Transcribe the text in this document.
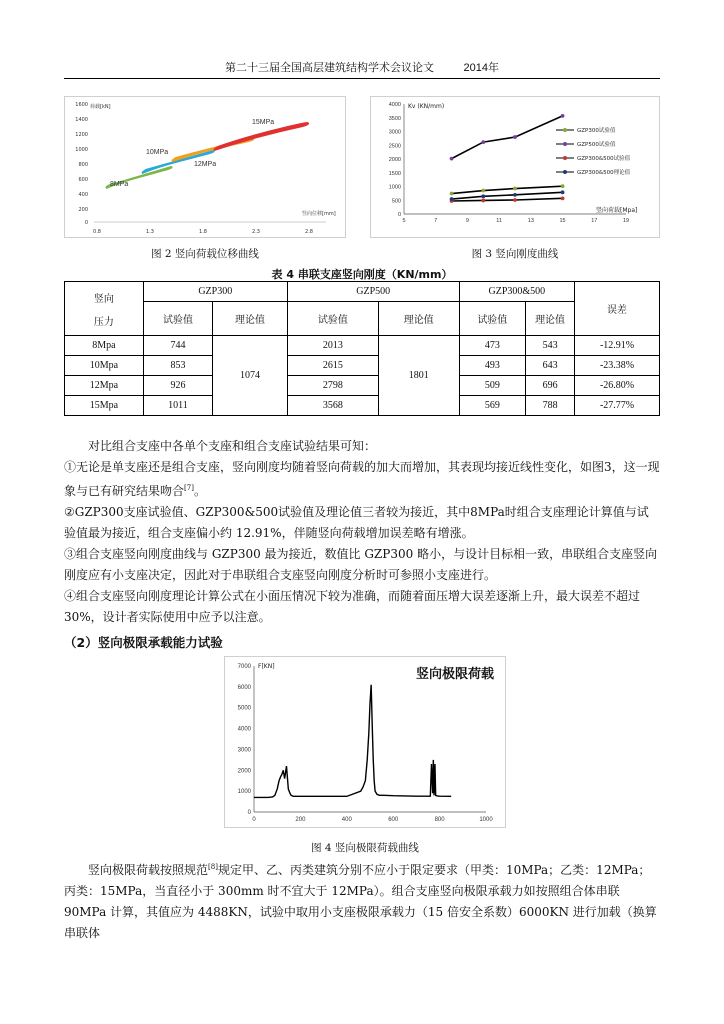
第二十三届全国高层建筑结构学术会议论文	2014年
荷载[kN]
1600
1400
1200
1000
800
600
400
200
0
0.8	1.3	1.8	2.3	2.8
竖向位移[mm]
15MPa
10MPa
12MPa
8MPa
图 2 竖向荷载位移曲线
4000
3500
3000
2500
2000
1500
1000
500
0
5	7	9	11	13	15	17	19
GZP300试验值
GZP500试验值
GZP300&500试验值
GZP300&500理论值
Kv (KN/mm)
竖向荷载[Mpa]
图 3 竖向刚度曲线
表 4 串联支座竖向刚度（KN/mm）
竖向
压力	GZP300		GZP500		GZP300&500		误差
	试验值	理论值	试验值	理论值	试验值	理论值	
8Mpa	744	1074	2013	1801	473	543	-12.91%
10Mpa	853		2615		493	643	-23.38%
12Mpa	926		2798		509	696	-26.80%
15Mpa	1011		3568		569	788	-27.77%

对比组合支座中各单个支座和组合支座试验结果可知：

①无论是单支座还是组合支座，竖向刚度均随着竖向荷载的加大而增加，其表现均接近线性变化，如图3，这一现象与已有研究结果吻合[7]。

②GZP300支座试验值、GZP300&500试验值及理论值三者较为接近，其中8MPa时组合支座理论计算值与试验值最为接近，组合支座偏小约 12.91%，伴随竖向荷载增加误差略有增涨。

③组合支座竖向刚度曲线与 GZP300 最为接近，数值比 GZP300 略小，与设计目标相一致，串联组合支座竖向刚度应有小支座决定，因此对于串联组合支座竖向刚度分析时可参照小支座进行。

④组合支座竖向刚度理论计算公式在小面压情况下较为准确，而随着面压增大误差逐渐上升，最大误差不超过 30%，设计者实际使用中应予以注意。

（2）竖向极限承载能力试验
7000
6000
5000
4000
3000
2000
1000
0
0	200	400	600	800	1000
F[KN]
竖向极限荷载
图 4 竖向极限荷载曲线

竖向极限荷载按照规范[8]规定甲、乙、丙类建筑分别不应小于限定要求（甲类：10MPa；乙类：12MPa；丙类：15MPa，当直径小于 300mm 时不宜大于 12MPa）。组合支座竖向极限承载力如按照组合体串联 90MPa 计算，其值应为 4488KN，试验中取用小支座极限承载力（15 倍安全系数）6000KN 进行加载（换算串联体
